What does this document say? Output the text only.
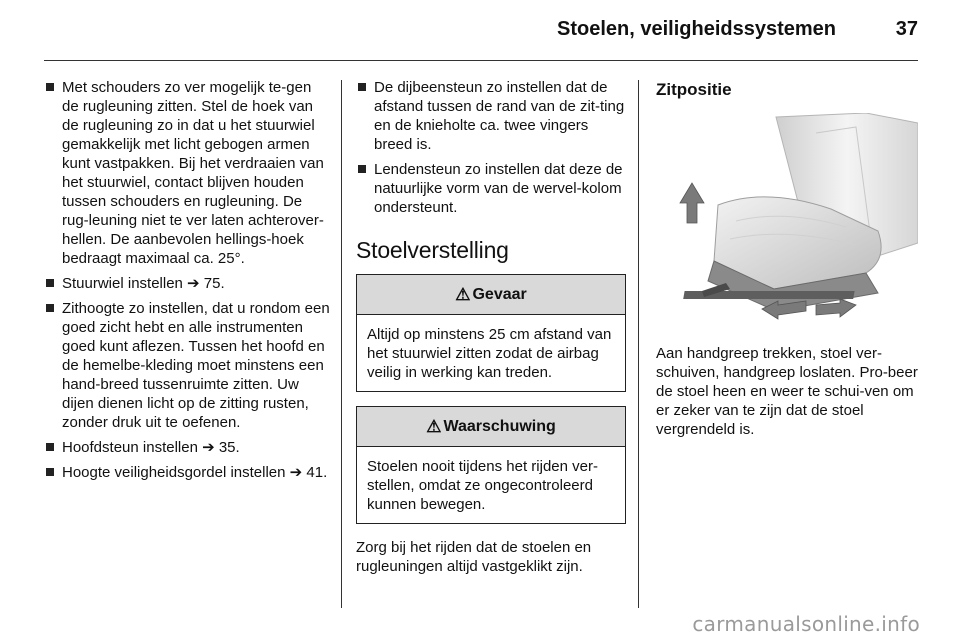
Stoelen, veiligheidssystemen	37
Met schouders zo ver mogelijk te-gen de rugleuning zitten. Stel de hoek van de rugleuning zo in dat u het stuurwiel gemakkelijk met licht gebogen armen kunt vastpakken. Bij het verdraaien van het stuurwiel, contact blijven houden tussen schouders en rugleuning. De rug-leuning niet te ver laten achterover-hellen. De aanbevolen hellings-hoek bedraagt maximaal ca. 25°.
Stuurwiel instellen ➔ 75.
Zithoogte zo instellen, dat u rondom een goed zicht hebt en alle instrumenten goed kunt aflezen. Tussen het hoofd en de hemelbe-kleding moet minstens een hand-breed tussenruimte zitten. Uw dijen dienen licht op de zitting rusten, zonder druk uit te oefenen.
Hoofdsteun instellen ➔ 35.
Hoogte veiligheidsgordel instellen ➔ 41.
De dijbeensteun zo instellen dat de afstand tussen de rand van de zit-ting en de knieholte ca. twee vingers breed is.
Lendensteun zo instellen dat deze de natuurlijke vorm van de wervel-kolom ondersteunt.
Stoelverstelling
⚠ Gevaar
Altijd op minstens 25 cm afstand van het stuurwiel zitten zodat de airbag veilig in werking kan treden.
⚠ Waarschuwing
Stoelen nooit tijdens het rijden ver-stellen, omdat ze ongecontroleerd kunnen bewegen.

Zorg bij het rijden dat de stoelen en rugleuningen altijd vastgeklikt zijn.

Zitpositie

Aan handgreep trekken, stoel ver-schuiven, handgreep loslaten. Pro-beer de stoel heen en weer te schui-ven om er zeker van te zijn dat de stoel vergrendeld is.

carmanualsonline.info
